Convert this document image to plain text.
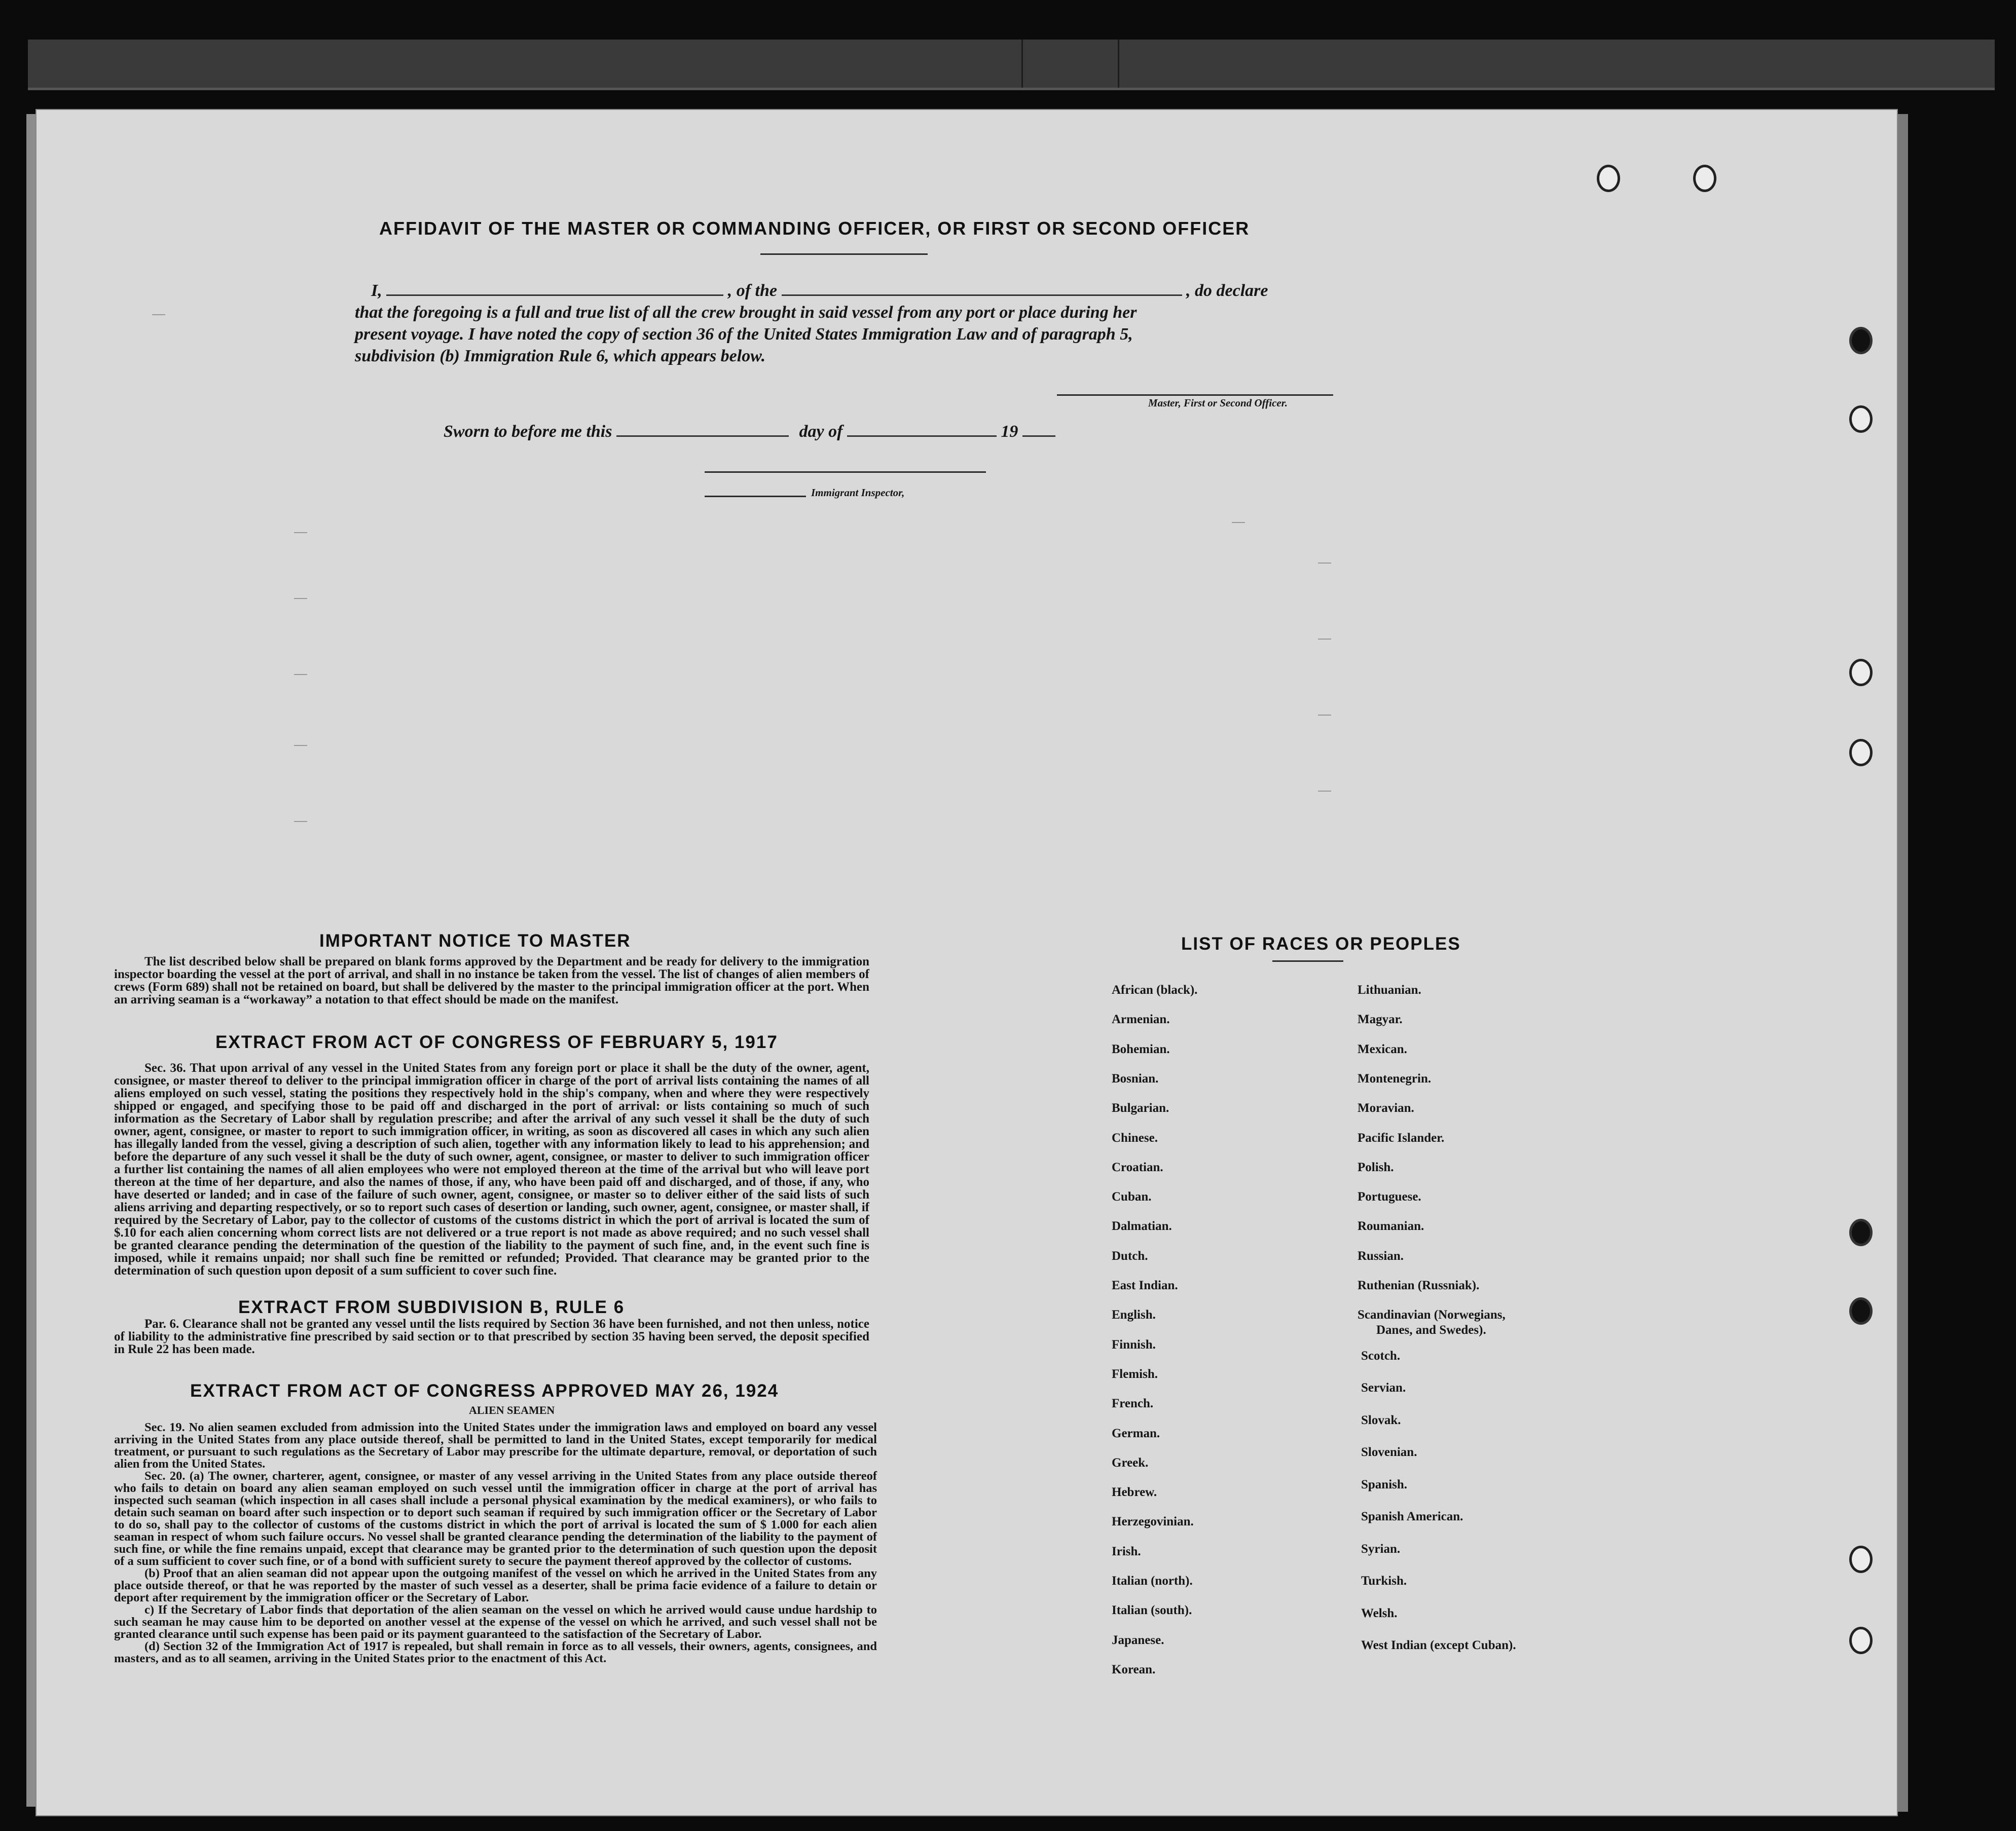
AFFIDAVIT OF THE MASTER OR COMMANDING OFFICER, OR FIRST OR SECOND OFFICER
I,	, of the	, do declare
that the foregoing is a full and true list of all the crew brought in said vessel from any port or place during her
present voyage. I have noted the copy of section 36 of the United States Immigration Law and of paragraph 5,
subdivision (b) Immigration Rule 6, which appears below.
Master, First or Second Officer.
Sworn to before me this	day of	19
Immigrant Inspector,
IMPORTANT NOTICE TO MASTER

The list described below shall be prepared on blank forms approved by the Department and be ready for delivery to the immigration inspector boarding the vessel at the port of arrival, and shall in no instance be taken from the vessel. The list of changes of alien members of crews (Form 689) shall not be retained on board, but shall be delivered by the master to the principal immigration officer at the port. When an arriving seaman is a “workaway” a notation to that effect should be made on the manifest.

EXTRACT FROM ACT OF CONGRESS OF FEBRUARY 5, 1917

Sec. 36. That upon arrival of any vessel in the United States from any foreign port or place it shall be the duty of the owner, agent, consignee, or master thereof to deliver to the principal immigration officer in charge of the port of arrival lists containing the names of all aliens employed on such vessel, stating the positions they respectively hold in the ship's company, when and where they were respectively shipped or engaged, and specifying those to be paid off and discharged in the port of arrival: or lists containing so much of such information as the Secretary of Labor shall by regulation prescribe; and after the arrival of any such vessel it shall be the duty of such owner, agent, consignee, or master to report to such immigration officer, in writing, as soon as discovered all cases in which any such alien has illegally landed from the vessel, giving a description of such alien, together with any information likely to lead to his apprehension; and before the departure of any such vessel it shall be the duty of such owner, agent, consignee, or master to deliver to such immigration officer a further list containing the names of all alien employees who were not employed thereon at the time of the arrival but who will leave port thereon at the time of her departure, and also the names of those, if any, who have been paid off and discharged, and of those, if any, who have deserted or landed; and in case of the failure of such owner, agent, consignee, or master so to deliver either of the said lists of such aliens arriving and departing respectively, or so to report such cases of desertion or landing, such owner, agent, consignee, or master shall, if required by the Secretary of Labor, pay to the collector of customs of the customs district in which the port of arrival is located the sum of $.10 for each alien concerning whom correct lists are not delivered or a true report is not made as above required; and no such vessel shall be granted clearance pending the determination of the question of the liability to the payment of such fine, and, in the event such fine is imposed, while it remains unpaid; nor shall such fine be remitted or refunded; Provided. That clearance may be granted prior to the determination of such question upon deposit of a sum sufficient to cover such fine.

EXTRACT FROM SUBDIVISION B, RULE 6

Par. 6. Clearance shall not be granted any vessel until the lists required by Section 36 have been furnished, and not then unless, notice of liability to the administrative fine prescribed by said section or to that prescribed by section 35 having been served, the deposit specified in Rule 22 has been made.

EXTRACT FROM ACT OF CONGRESS APPROVED MAY 26, 1924
ALIEN SEAMEN

Sec. 19. No alien seamen excluded from admission into the United States under the immigration laws and employed on board any vessel arriving in the United States from any place outside thereof, shall be permitted to land in the United States, except temporarily for medical treatment, or pursuant to such regulations as the Secretary of Labor may prescribe for the ultimate departure, removal, or deportation of such alien from the United States.

Sec. 20. (a) The owner, charterer, agent, consignee, or master of any vessel arriving in the United States from any place outside thereof who fails to detain on board any alien seaman employed on such vessel until the immigration officer in charge at the port of arrival has inspected such seaman (which inspection in all cases shall include a personal physical examination by the medical examiners), or who fails to detain such seaman on board after such inspection or to deport such seaman if required by such immigration officer or the Secretary of Labor to do so, shall pay to the collector of customs of the customs district in which the port of arrival is located the sum of $ 1.000 for each alien seaman in respect of whom such failure occurs. No vessel shall be granted clearance pending the determination of the liability to the payment of such fine, or while the fine remains unpaid, except that clearance may be granted prior to the determination of such question upon the deposit of a sum sufficient to cover such fine, or of a bond with sufficient surety to secure the payment thereof approved by the collector of customs.

(b) Proof that an alien seaman did not appear upon the outgoing manifest of the vessel on which he arrived in the United States from any place outside thereof, or that he was reported by the master of such vessel as a deserter, shall be prima facie evidence of a failure to detain or deport after requirement by the immigration officer or the Secretary of Labor.

c) If the Secretary of Labor finds that deportation of the alien seaman on the vessel on which he arrived would cause undue hardship to such seaman he may cause him to be deported on another vessel at the expense of the vessel on which he arrived, and such vessel shall not be granted clearance until such expense has been paid or its payment guaranteed to the satisfaction of the Secretary of Labor.

(d) Section 32 of the Immigration Act of 1917 is repealed, but shall remain in force as to all vessels, their owners, agents, consignees, and masters, and as to all seamen, arriving in the United States prior to the enactment of this Act.

LIST OF RACES OR PEOPLES
African (black).
Armenian.
Bohemian.
Bosnian.
Bulgarian.
Chinese.
Croatian.
Cuban.
Dalmatian.
Dutch.
East Indian.
English.
Finnish.
Flemish.
French.
German.
Greek.
Hebrew.
Herzegovinian.
Irish.
Italian (north).
Italian (south).
Japanese.
Korean.
Lithuanian.
Magyar.
Mexican.
Montenegrin.
Moravian.
Pacific Islander.
Polish.
Portuguese.
Roumanian.
Russian.
Ruthenian (Russniak).
Scandinavian (Norwegians,
Danes, and Swedes).
Scotch.
Servian.
Slovak.
Slovenian.
Spanish.
Spanish American.
Syrian.
Turkish.
Welsh.
West Indian (except Cuban).
